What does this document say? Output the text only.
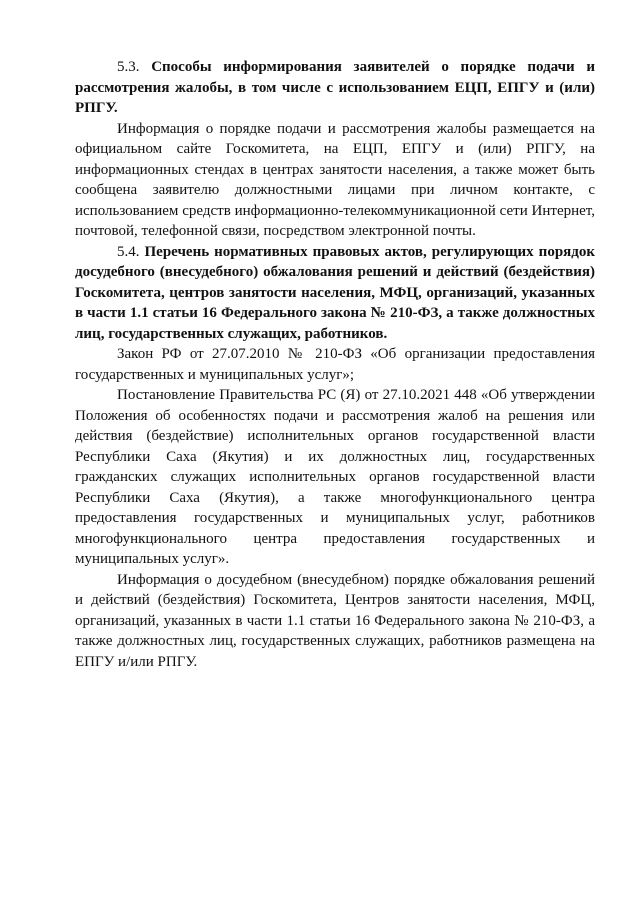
5.3. Способы информирования заявителей о порядке подачи и рассмотрения жалобы, в том числе с использованием ЕЦП, ЕПГУ и (или) РПГУ.

Информация о порядке подачи и рассмотрения жалобы размещается на официальном сайте Госкомитета, на ЕЦП, ЕПГУ и (или) РПГУ, на информационных стендах в центрах занятости населения, а также может быть сообщена заявителю должностными лицами при личном контакте, с использованием средств информационно-телекоммуникационной сети Интернет, почтовой, телефонной связи, посредством электронной почты.

5.4. Перечень нормативных правовых актов, регулирующих порядок досудебного (внесудебного) обжалования решений и действий (бездействия) Госкомитета, центров занятости населения, МФЦ, организаций, указанных в части 1.1 статьи 16 Федерального закона № 210-ФЗ, а также должностных лиц, государственных служащих, работников.

Закон РФ от 27.07.2010 № 210-ФЗ «Об организации предоставления государственных и муниципальных услуг»;

Постановление Правительства РС (Я) от 27.10.2021 448 «Об утверждении Положения об особенностях подачи и рассмотрения жалоб на решения или действия (бездействие) исполнительных органов государственной власти Республики Саха (Якутия) и их должностных лиц, государственных гражданских служащих исполнительных органов государственной власти Республики Саха (Якутия), а также многофункционального центра предоставления государственных и муниципальных услуг, работников многофункционального центра предоставления государственных и муниципальных услуг».

Информация о досудебном (внесудебном) порядке обжалования решений и действий (бездействия) Госкомитета, Центров занятости населения, МФЦ, организаций, указанных в части 1.1 статьи 16 Федерального закона № 210-ФЗ, а также должностных лиц, государственных служащих, работников размещена на ЕПГУ и/или РПГУ.
